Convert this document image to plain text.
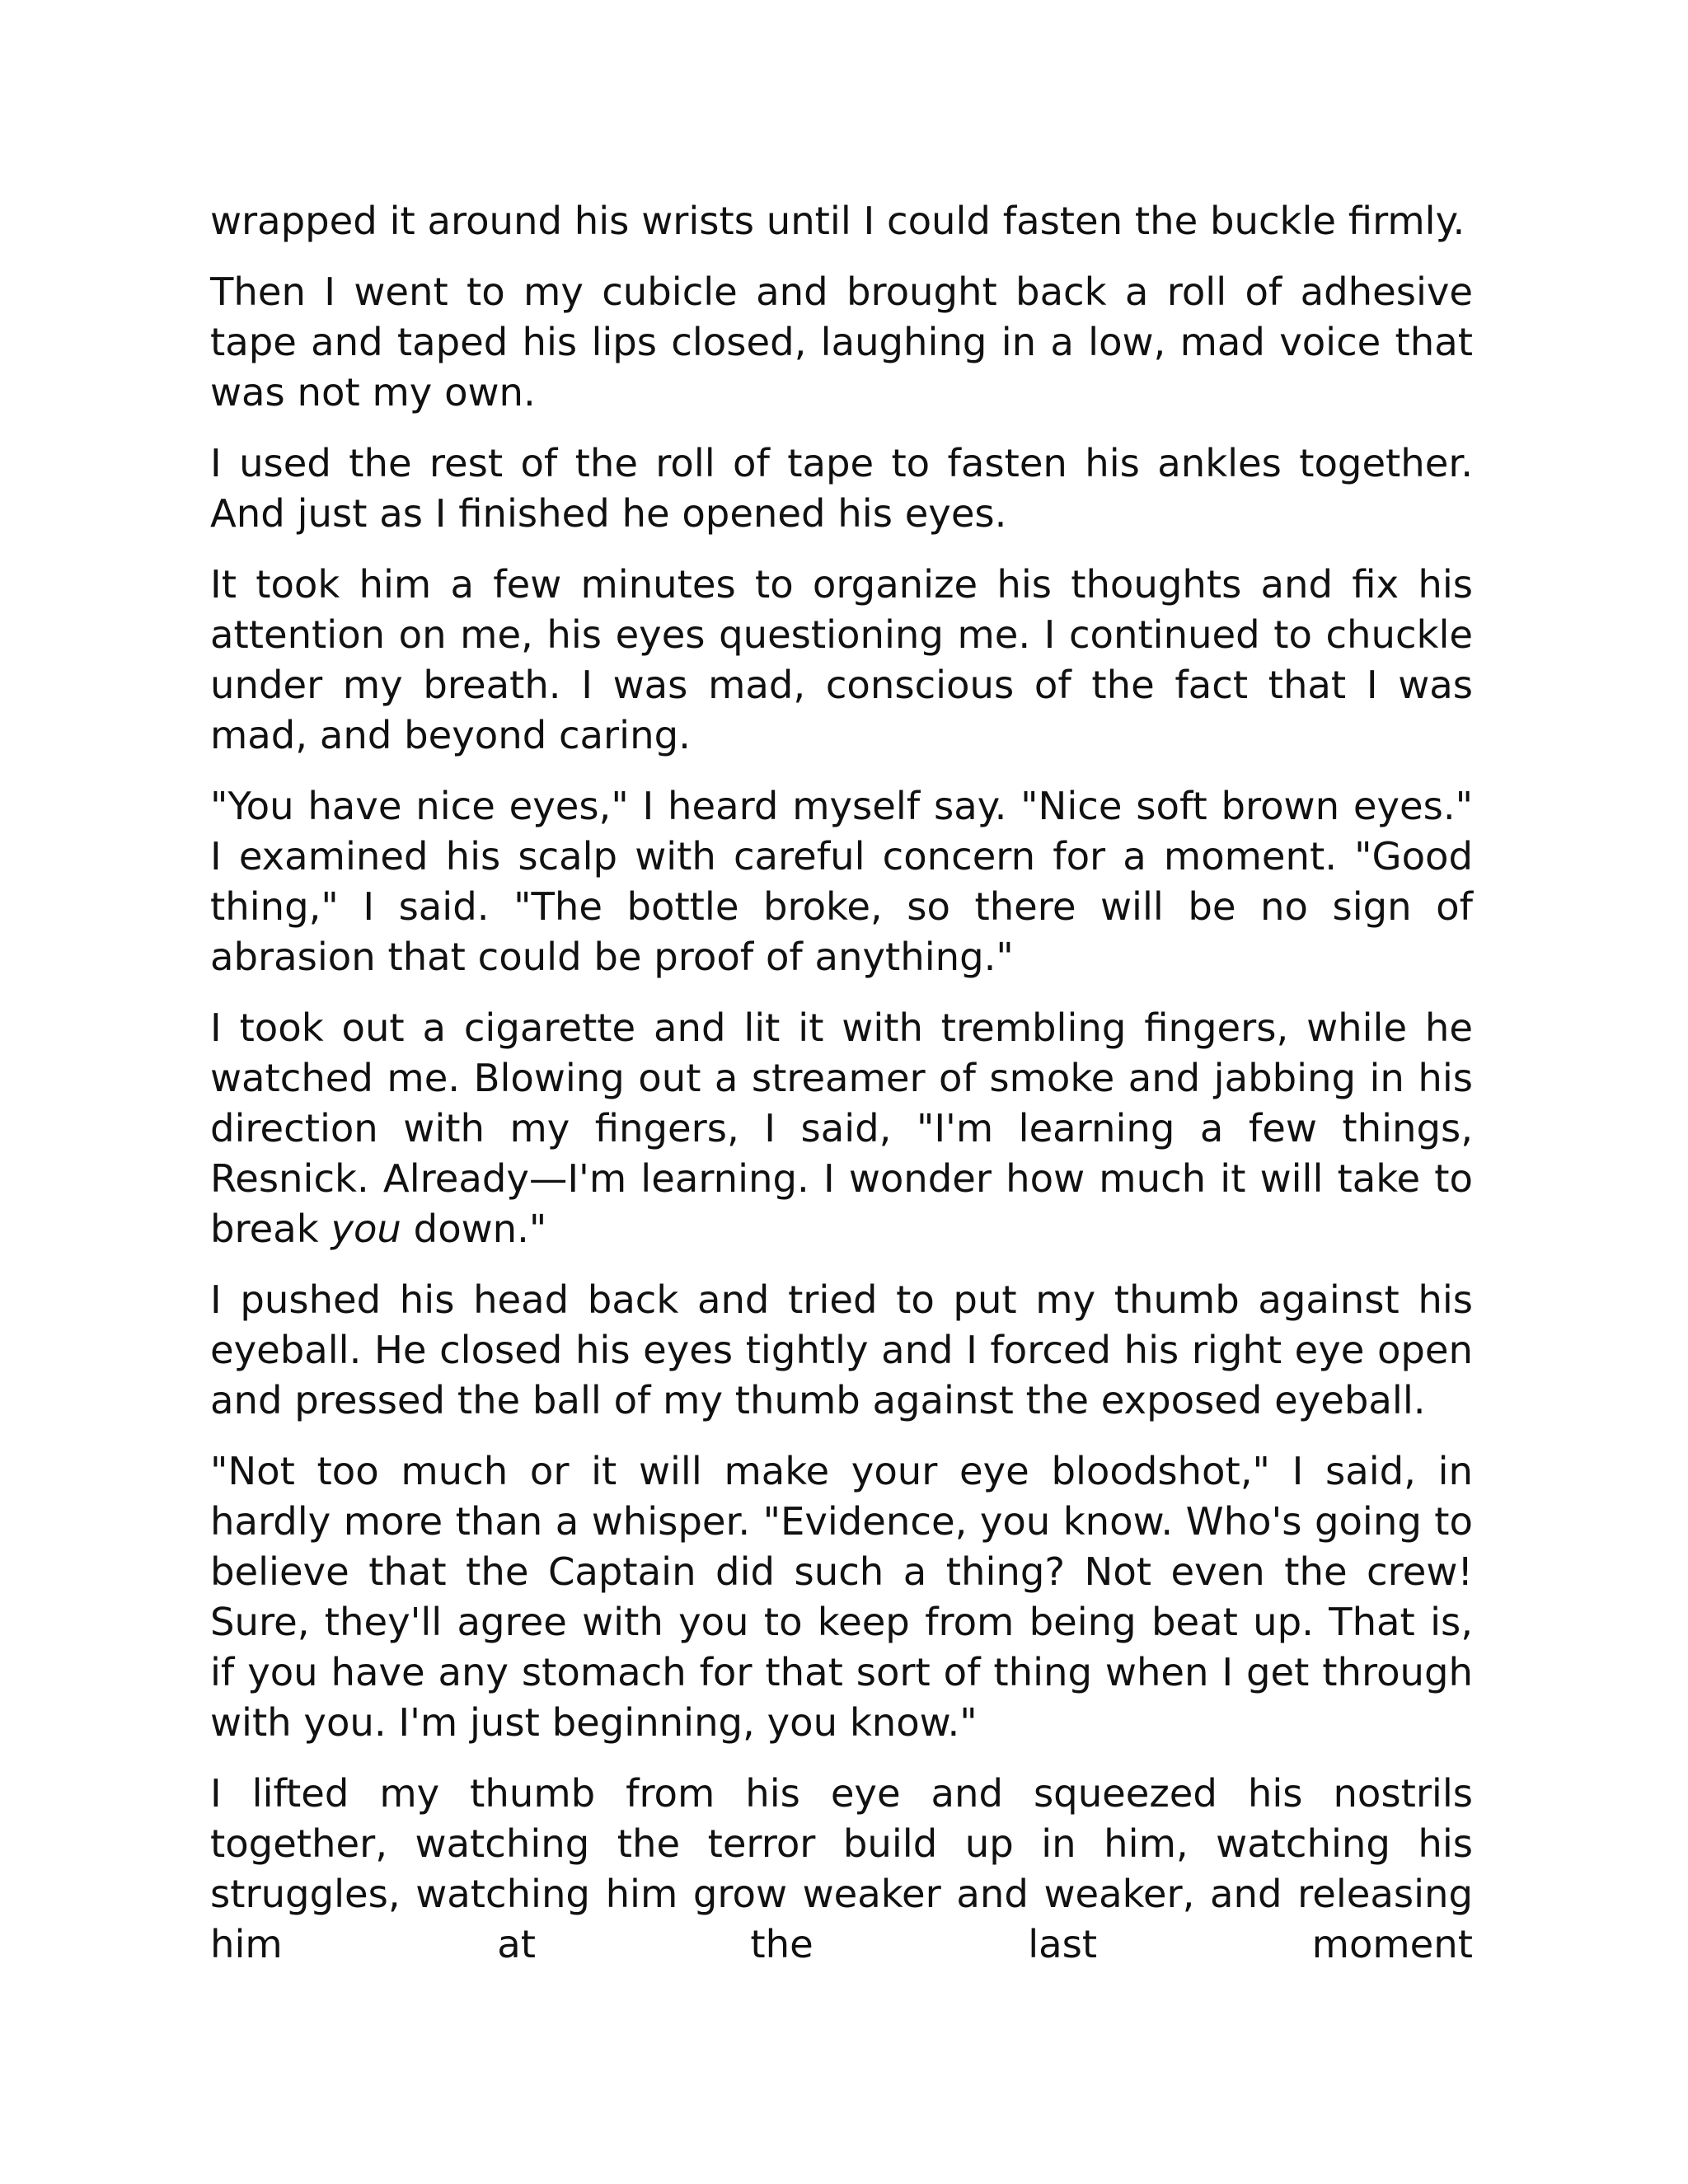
wrapped it around his wrists until I could fasten the buckle firmly.

Then I went to my cubicle and brought back a roll of adhesive tape and taped his lips closed, laughing in a low, mad voice that was not my own.

I used the rest of the roll of tape to fasten his ankles together. And just as I finished he opened his eyes.

It took him a few minutes to organize his thoughts and fix his attention on me, his eyes questioning me. I continued to chuckle under my breath. I was mad, conscious of the fact that I was mad, and beyond caring.

"You have nice eyes," I heard myself say. "Nice soft brown eyes." I examined his scalp with careful concern for a moment. "Good thing," I said. "The bottle broke, so there will be no sign of abrasion that could be proof of anything."

I took out a cigarette and lit it with trembling fingers, while he watched me. Blowing out a streamer of smoke and jabbing in his direction with my fingers, I said, "I'm learning a few things, Resnick. Already—I'm learning. I wonder how much it will take to break you down."

I pushed his head back and tried to put my thumb against his eyeball. He closed his eyes tightly and I forced his right eye open and pressed the ball of my thumb against the exposed eyeball.

"Not too much or it will make your eye bloodshot," I said, in hardly more than a whisper. "Evidence, you know. Who's going to believe that the Captain did such a thing? Not even the crew! Sure, they'll agree with you to keep from being beat up. That is, if you have any stomach for that sort of thing when I get through with you. I'm just beginning, you know."

I lifted my thumb from his eye and squeezed his nostrils together, watching the terror build up in him, watching his struggles, watching him grow weaker and weaker, and releasing him at the last moment
